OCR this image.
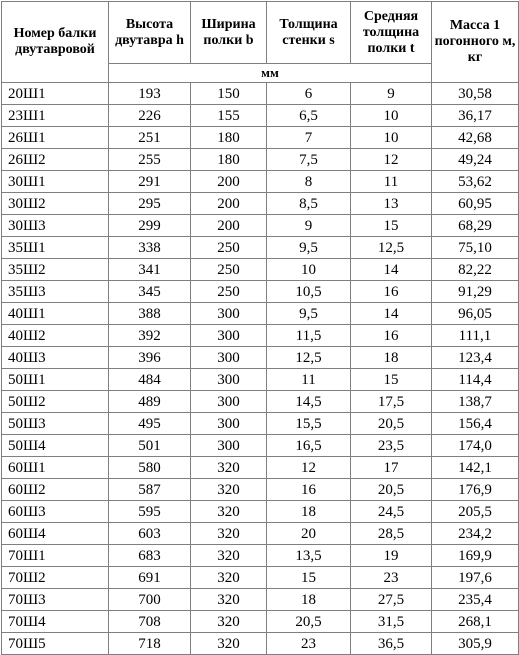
Номер балки двутавровой	Высота двутавра h	Ширина полки b	Толщина стенки s	Средняя толщина полки t	Масса 1 погонного м, кг

	мм				
20Ш1	193	150	6	9	30,58
23Ш1	226	155	6,5	10	36,17
26Ш1	251	180	7	10	42,68
26Ш2	255	180	7,5	12	49,24
30Ш1	291	200	8	11	53,62
30Ш2	295	200	8,5	13	60,95
30Ш3	299	200	9	15	68,29
35Ш1	338	250	9,5	12,5	75,10
35Ш2	341	250	10	14	82,22
35Ш3	345	250	10,5	16	91,29
40Ш1	388	300	9,5	14	96,05
40Ш2	392	300	11,5	16	111,1
40Ш3	396	300	12,5	18	123,4
50Ш1	484	300	11	15	114,4
50Ш2	489	300	14,5	17,5	138,7
50Ш3	495	300	15,5	20,5	156,4
50Ш4	501	300	16,5	23,5	174,0
60Ш1	580	320	12	17	142,1
60Ш2	587	320	16	20,5	176,9
60Ш3	595	320	18	24,5	205,5
60Ш4	603	320	20	28,5	234,2
70Ш1	683	320	13,5	19	169,9
70Ш2	691	320	15	23	197,6
70Ш3	700	320	18	27,5	235,4
70Ш4	708	320	20,5	31,5	268,1
70Ш5	718	320	23	36,5	305,9
